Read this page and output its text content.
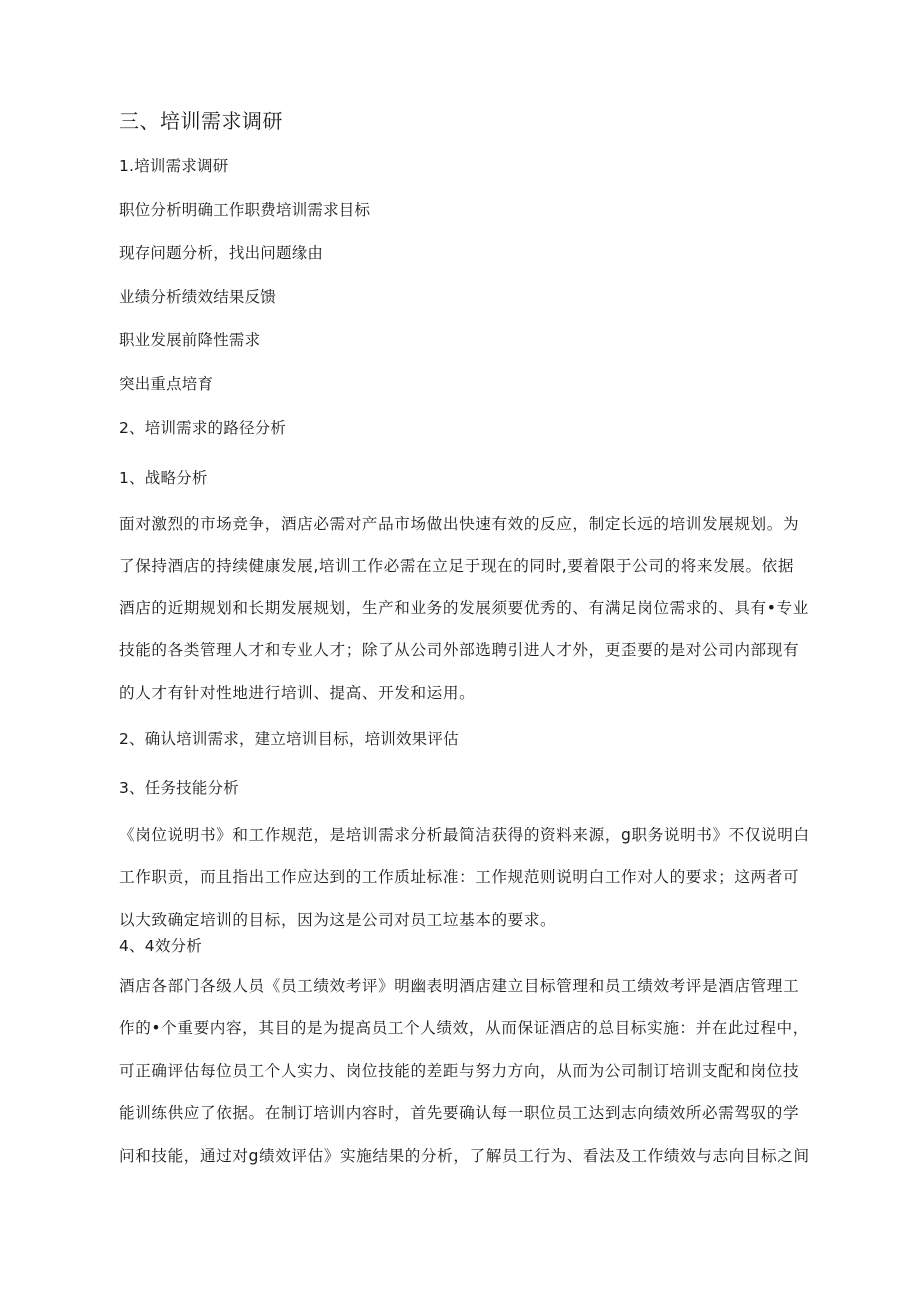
三、培训需求调研

1.培训需求调研

职位分析明确工作职费培训需求目标

现存问题分析，找出问题缘由

业绩分析绩效结果反馈

职业发展前降性需求

突出重点培育

2、培训需求的路径分析

1、战略分析

面对激烈的市场竞争，酒店必需对产品市场做出快速有效的反应，制定长远的培训发展规划。为

了保持酒店的持续健康发展,培训工作必需在立足于现在的同时,要着限于公司的将来发展。依据

酒店的近期规划和长期发展规划，生产和业务的发展须要优秀的、有满足岗位需求的、具有•专业

技能的各类管理人才和专业人才；除了从公司外部选聘引进人才外，更歪要的是对公司内部现有

的人才有针对性地进行培训、提高、开发和运用。

2、确认培训需求，建立培训目标，培训效果评估

3、任务技能分析

《岗位说明书》和工作规范，是培训需求分析最简洁获得的资料来源，g职务说明书》不仅说明白

工作职贡，而且指出工作应达到的工作质址标准：工作规范则说明白工作对人的要求；这两者可

以大致确定培训的目标，因为这是公司对员工垃基本的要求。

4、4效分析

酒店各部门各级人员《员工绩效考评》明幽表明酒店建立目标管理和员工绩效考评是酒店管理工

作的•个重要内容，其目的是为提高员工个人绩效，从而保证酒店的总目标实施：并在此过程中，

可正确评估每位员工个人实力、岗位技能的差距与努力方向，从而为公司制订培训支配和岗位技

能训练供应了依据。在制订培训内容时，首先要确认每一职位员工达到志向绩效所必需驾驭的学

问和技能，通过对g绩效评估》实施结果的分析，了解员工行为、看法及工作绩效与志向目标之间
